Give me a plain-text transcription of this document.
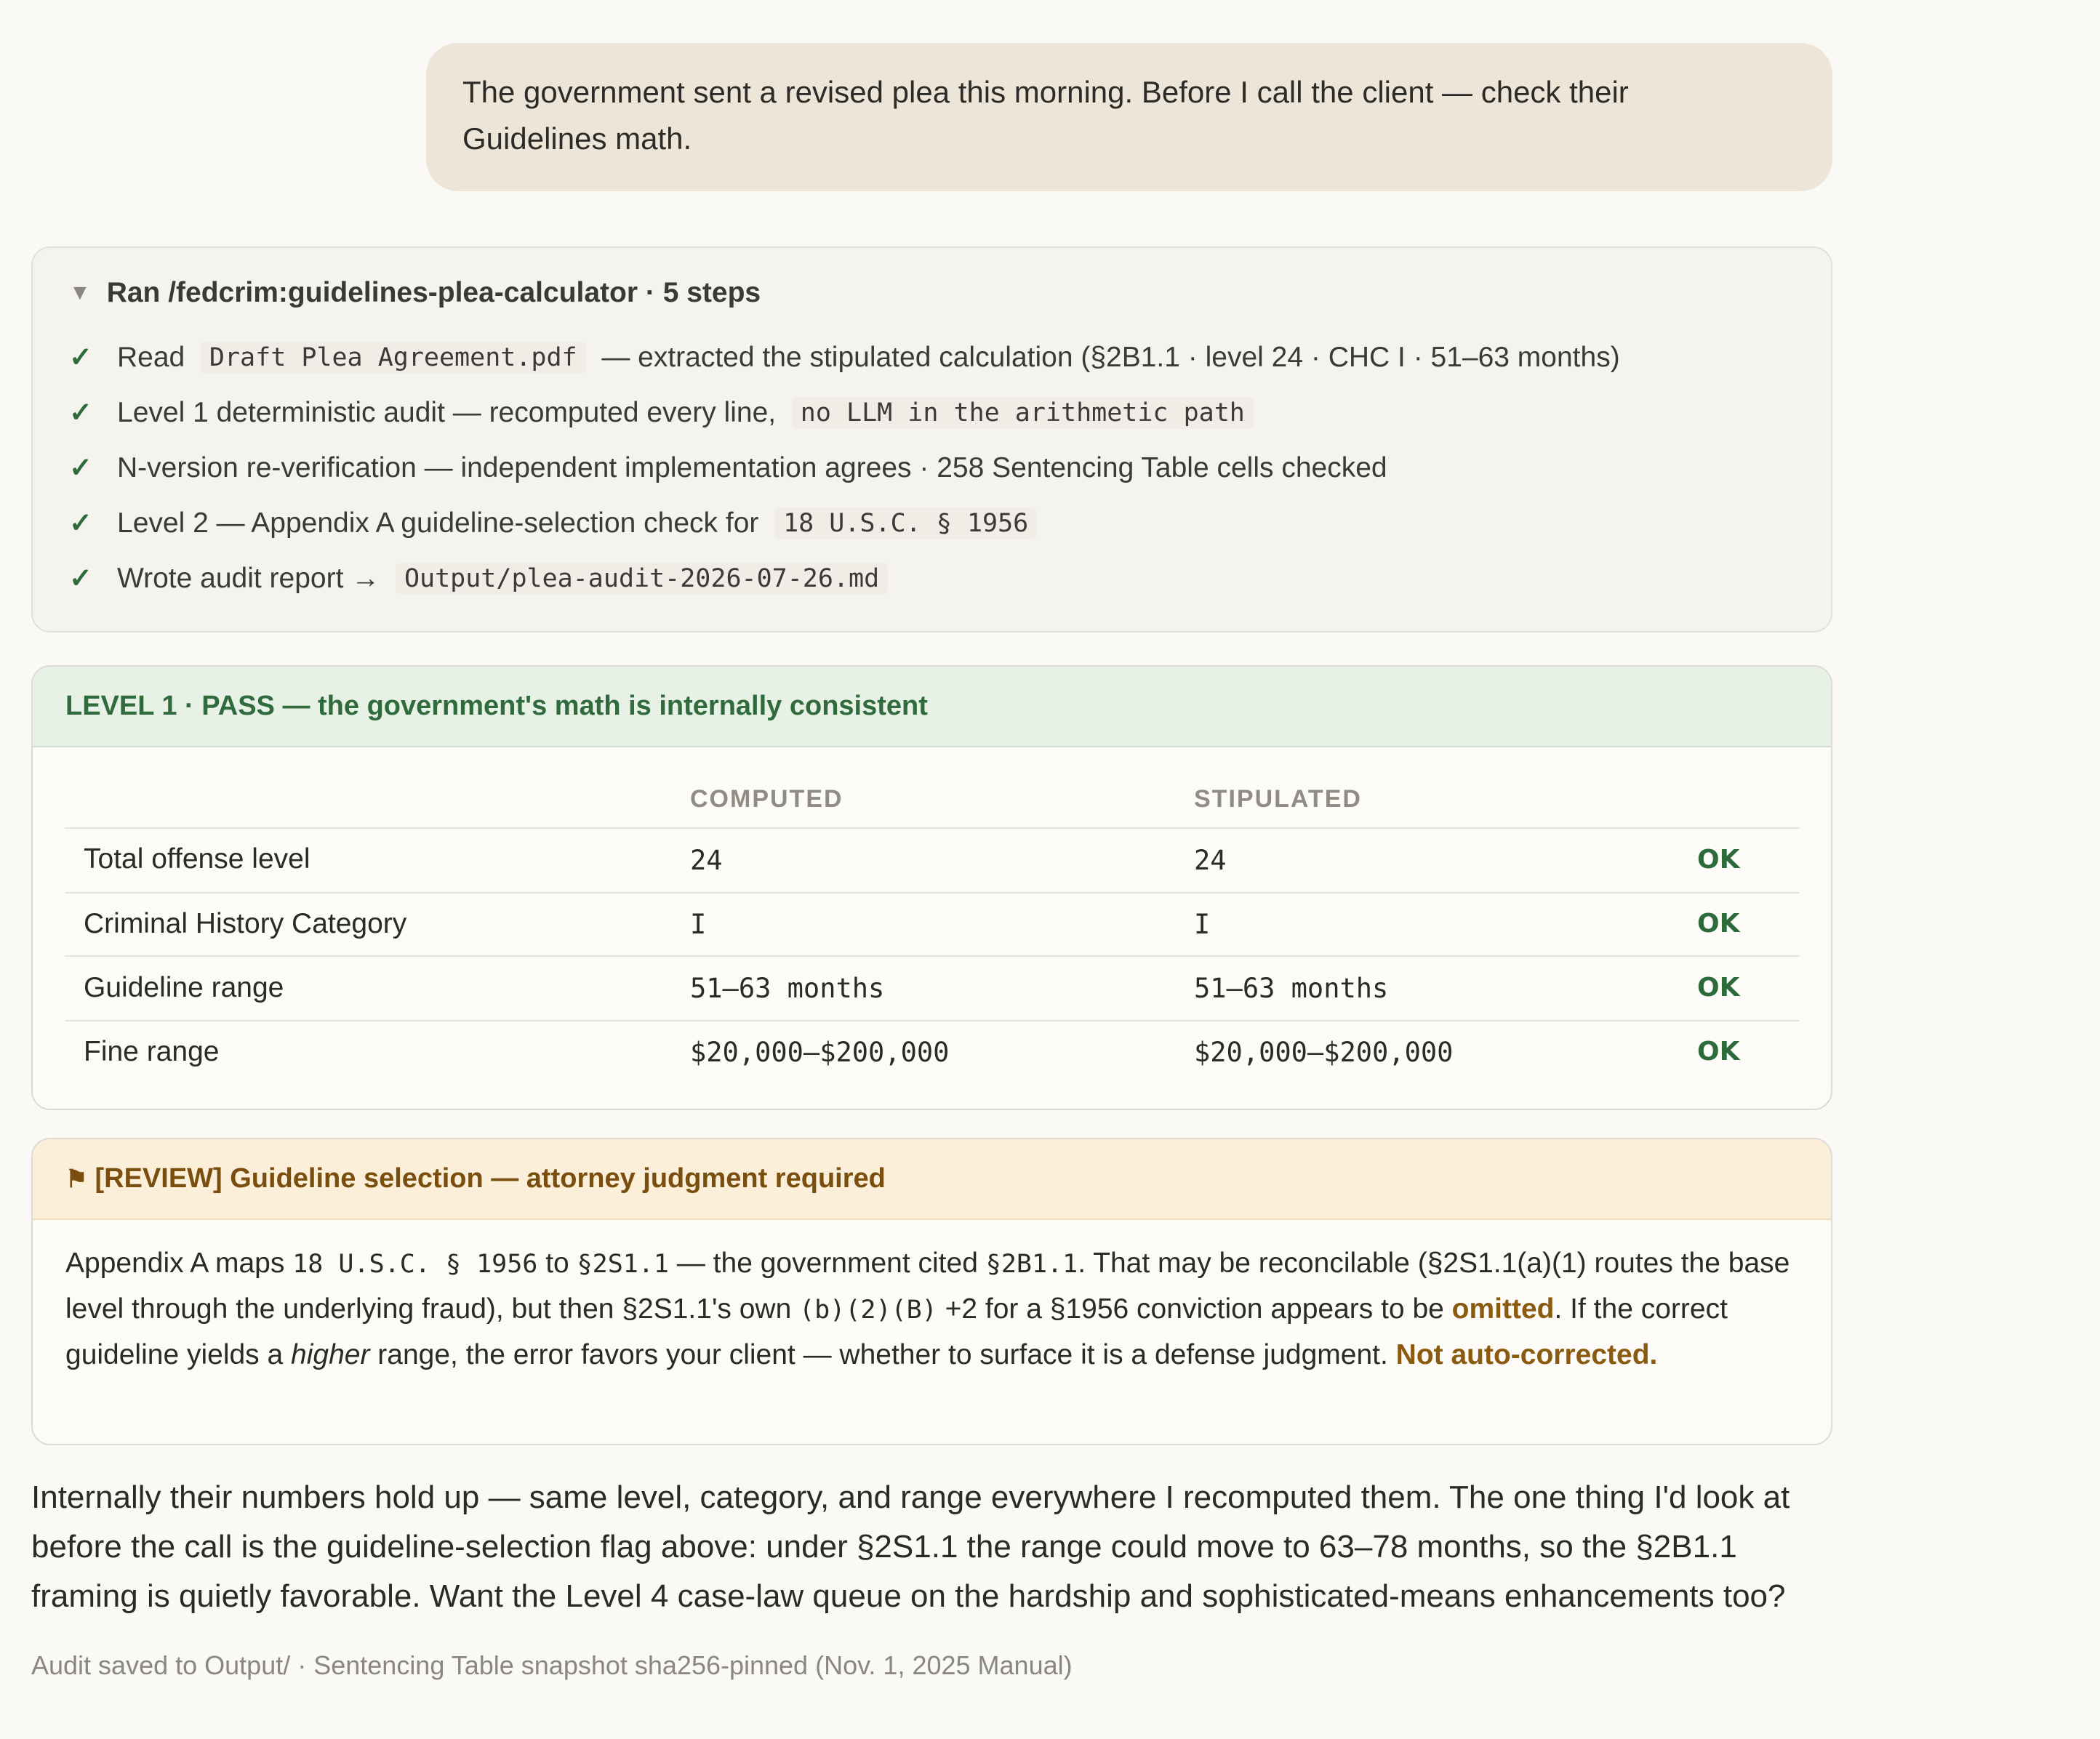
The government sent a revised plea this morning. Before I call the client — check their
Guidelines math.
▼ Ran /fedcrim:guidelines-plea-calculator · 5 steps
✓ Read
Draft Plea Agreement.pdf
— extracted the stipulated calculation (§2B1.1 · level 24 · CHC I · 51–63 months)
✓ Level 1 deterministic audit — recomputed every line,
no LLM in the arithmetic path
✓ N-version re-verification — independent implementation agrees · 258 Sentencing Table cells checked
✓ Level 2 — Appendix A guideline-selection check for
18 U.S.C. § 1956
✓ Wrote audit report →
Output/plea-audit-2026-07-26.md
LEVEL 1 · PASS — the government's math is internally consistent
COMPUTED	STIPULATED
Total offense level	24	24	OK
Criminal History Category	I	I	OK
Guideline range	51–63 months	51–63 months	OK
Fine range	$20,000–$200,000	$20,000–$200,000	OK
⚑ [REVIEW] Guideline selection — attorney judgment required
Appendix A maps 18 U.S.C. § 1956 to §2S1.1 — the government cited §2B1.1. That may be reconcilable (§2S1.1(a)(1) routes the base level through the underlying fraud), but then §2S1.1's own (b)(2)(B) +2 for a §1956 conviction appears to be omitted. If the correct guideline yields a higher range, the error favors your client — whether to surface it is a defense judgment. Not auto-corrected.
Internally their numbers hold up — same level, category, and range everywhere I recomputed them. The one thing I'd look at before the call is the guideline-selection flag above: under §2S1.1 the range could move to 63–78 months, so the §2B1.1 framing is quietly favorable. Want the Level 4 case-law queue on the hardship and sophisticated-means enhancements too?
Audit saved to Output/ · Sentencing Table snapshot sha256-pinned (Nov. 1, 2025 Manual)
